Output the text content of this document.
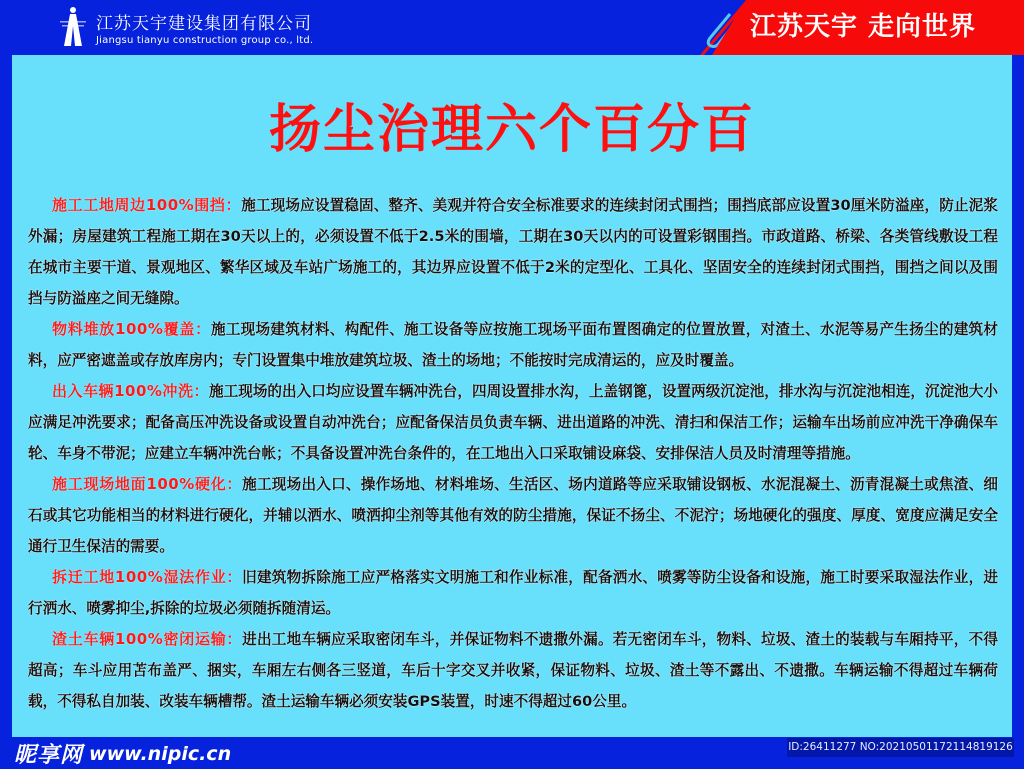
江苏天宇建设集团有限公司
Jiangsu tianyu construction group co., ltd.	江苏天宇 走向世界
扬尘治理六个百分百

施工工地周边100%围挡：施工现场应设置稳固、整齐、美观并符合安全标准要求的连续封闭式围挡；围挡底部应设置30厘米防溢座，防止泥浆外漏；房屋建筑工程施工期在30天以上的，必须设置不低于2.5米的围墙，工期在30天以内的可设置彩钢围挡。市政道路、桥梁、各类管线敷设工程在城市主要干道、景观地区、繁华区域及车站广场施工的，其边界应设置不低于2米的定型化、工具化、坚固安全的连续封闭式围挡，围挡之间以及围挡与防溢座之间无缝隙。

物料堆放100%覆盖：施工现场建筑材料、构配件、施工设备等应按施工现场平面布置图确定的位置放置，对渣土、水泥等易产生扬尘的建筑材料，应严密遮盖或存放库房内；专门设置集中堆放建筑垃圾、渣土的场地；不能按时完成清运的，应及时覆盖。

出入车辆100%冲洗：施工现场的出入口均应设置车辆冲洗台，四周设置排水沟，上盖钢篦，设置两级沉淀池，排水沟与沉淀池相连，沉淀池大小应满足冲洗要求；配备高压冲洗设备或设置自动冲洗台；应配备保洁员负责车辆、进出道路的冲洗、清扫和保洁工作；运输车出场前应冲洗干净确保车轮、车身不带泥；应建立车辆冲洗台帐；不具备设置冲洗台条件的，在工地出入口采取铺设麻袋、安排保洁人员及时清理等措施。

施工现场地面100%硬化：施工现场出入口、操作场地、材料堆场、生活区、场内道路等应采取铺设钢板、水泥混凝土、沥青混凝土或焦渣、细石或其它功能相当的材料进行硬化，并辅以洒水、喷洒抑尘剂等其他有效的防尘措施，保证不扬尘、不泥泞；场地硬化的强度、厚度、宽度应满足安全通行卫生保洁的需要。

拆迁工地100%湿法作业：旧建筑物拆除施工应严格落实文明施工和作业标准，配备洒水、喷雾等防尘设备和设施，施工时要采取湿法作业，进行洒水、喷雾抑尘,拆除的垃圾必须随拆随清运。

渣土车辆100%密闭运输：进出工地车辆应采取密闭车斗，并保证物料不遗撒外漏。若无密闭车斗，物料、垃圾、渣土的装载与车厢持平，不得超高；车斗应用苫布盖严、捆实，车厢左右侧各三竖道，车后十字交叉并收紧，保证物料、垃圾、渣土等不露出、不遗撒。车辆运输不得超过车辆荷载，不得私自加装、改装车辆槽帮。渣土运输车辆必须安装GPS装置，时速不得超过60公里。

昵享网 www.nipic.cn	ID:26411277 NO:20210501172114819126
